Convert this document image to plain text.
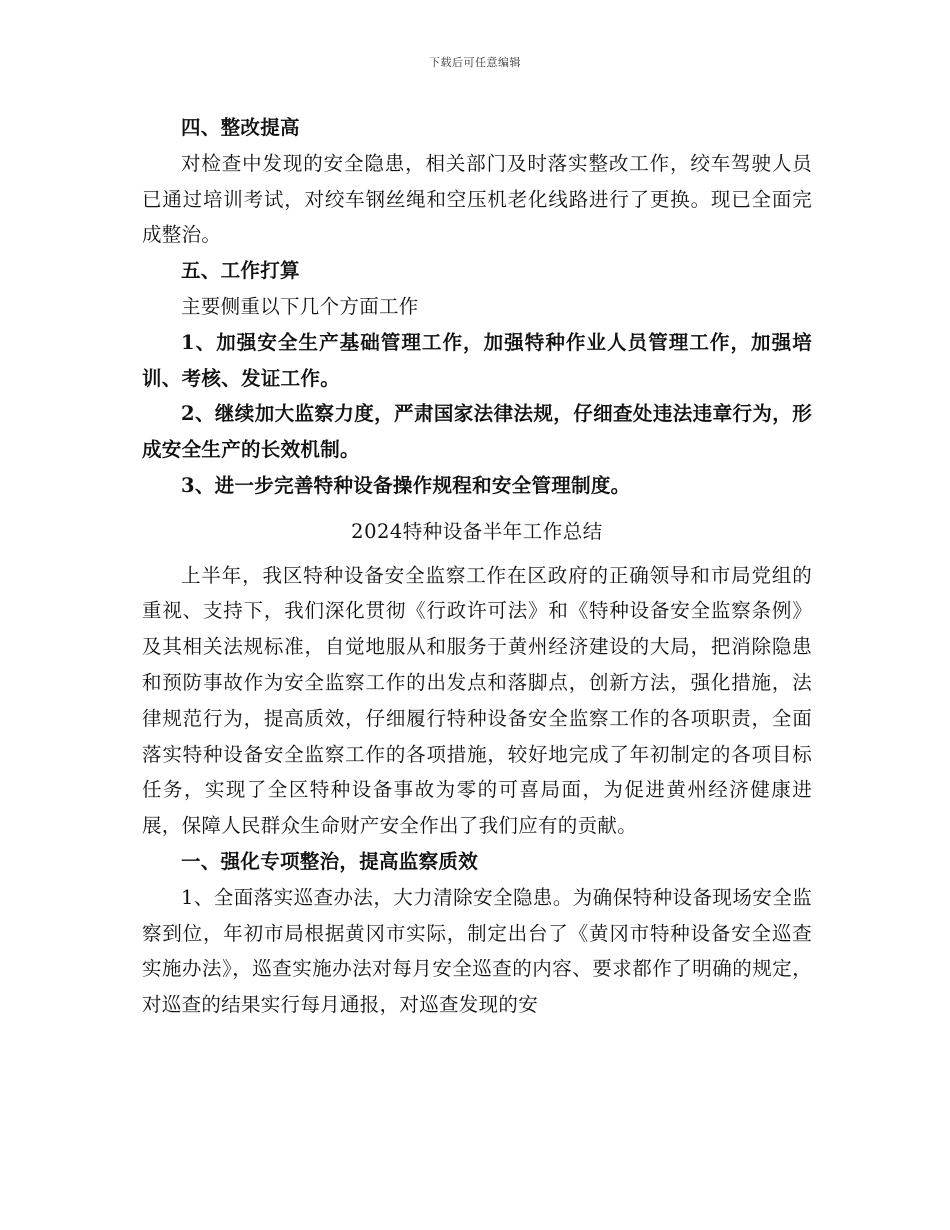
下载后可任意编辑

四、整改提高

对检查中发现的安全隐患，相关部门及时落实整改工作，绞车驾驶人员已通过培训考试，对绞车钢丝绳和空压机老化线路进行了更换。现已全面完成整治。

五、工作打算

主要侧重以下几个方面工作

1、加强安全生产基础管理工作，加强特种作业人员管理工作，加强培训、考核、发证工作。

2、继续加大监察力度，严肃国家法律法规，仔细查处违法违章行为，形成安全生产的长效机制。

3、进一步完善特种设备操作规程和安全管理制度。

2024特种设备半年工作总结

上半年，我区特种设备安全监察工作在区政府的正确领导和市局党组的重视、支持下，我们深化贯彻《行政许可法》和《特种设备安全监察条例》及其相关法规标准，自觉地服从和服务于黄州经济建设的大局，把消除隐患和预防事故作为安全监察工作的出发点和落脚点，创新方法，强化措施，法律规范行为，提高质效，仔细履行特种设备安全监察工作的各项职责，全面落实特种设备安全监察工作的各项措施，较好地完成了年初制定的各项目标任务，实现了全区特种设备事故为零的可喜局面，为促进黄州经济健康进展，保障人民群众生命财产安全作出了我们应有的贡献。

一、强化专项整治，提高监察质效

1、全面落实巡查办法，大力清除安全隐患。为确保特种设备现场安全监察到位，年初市局根据黄冈市实际，制定出台了《黄冈市特种设备安全巡查实施办法》，巡查实施办法对每月安全巡查的内容、要求都作了明确的规定，对巡查的结果实行每月通报，对巡查发现的安
